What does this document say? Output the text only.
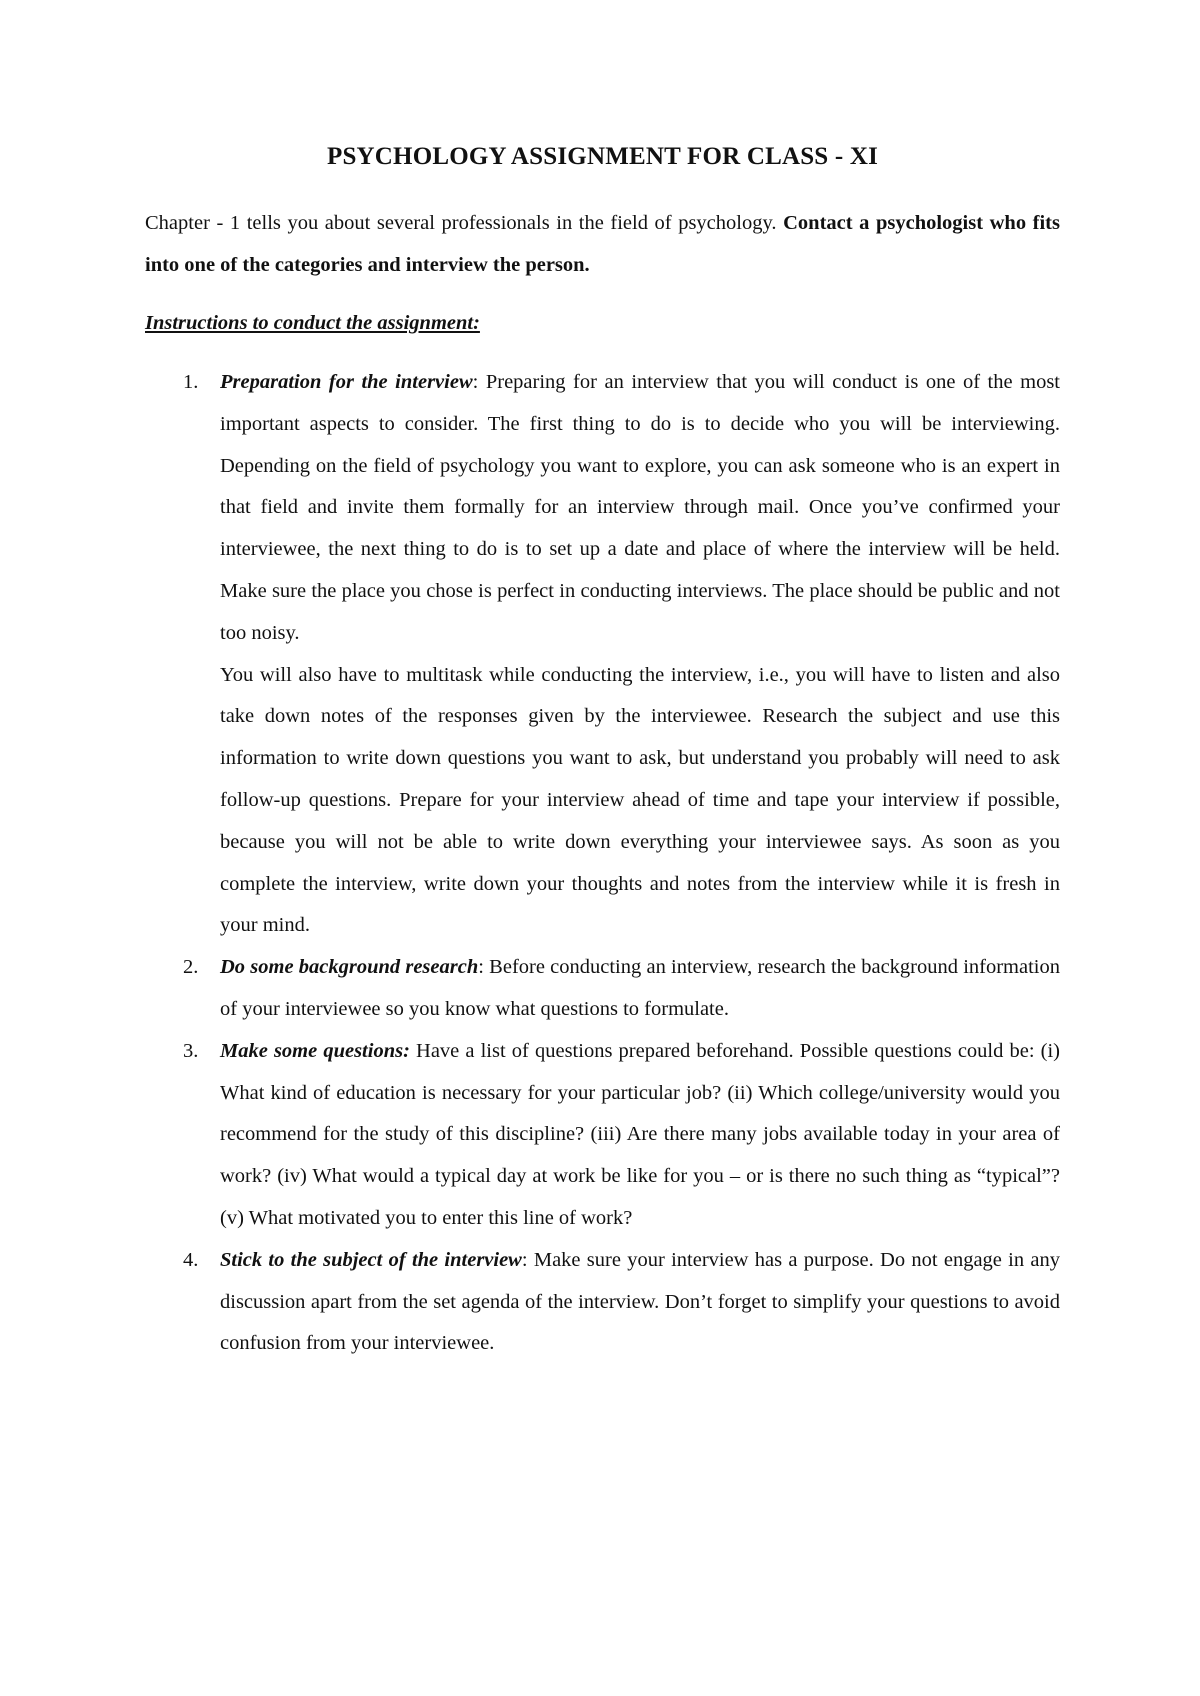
PSYCHOLOGY ASSIGNMENT FOR CLASS - XI

Chapter - 1 tells you about several professionals in the field of psychology. Contact a psychologist who fits into one of the categories and interview the person.

Instructions to conduct the assignment:
1. Preparation for the interview: Preparing for an interview that you will conduct is one of the most important aspects to consider. The first thing to do is to decide who you will be interviewing. Depending on the field of psychology you want to explore, you can ask someone who is an expert in that field and invite them formally for an interview through mail. Once you’ve confirmed your interviewee, the next thing to do is to set up a date and place of where the interview will be held. Make sure the place you chose is perfect in conducting interviews. The place should be public and not too noisy.

You will also have to multitask while conducting the interview, i.e., you will have to listen and also take down notes of the responses given by the interviewee. Research the subject and use this information to write down questions you want to ask, but understand you probably will need to ask follow-up questions. Prepare for your interview ahead of time and tape your interview if possible, because you will not be able to write down everything your interviewee says. As soon as you complete the interview, write down your thoughts and notes from the interview while it is fresh in your mind.

2. Do some background research: Before conducting an interview, research the background information of your interviewee so you know what questions to formulate.

3. Make some questions: Have a list of questions prepared beforehand. Possible questions could be: (i) What kind of education is necessary for your particular job? (ii) Which college/university would you recommend for the study of this discipline? (iii) Are there many jobs available today in your area of work? (iv) What would a typical day at work be like for you – or is there no such thing as “typical”? (v) What motivated you to enter this line of work?

4. Stick to the subject of the interview: Make sure your interview has a purpose. Do not engage in any discussion apart from the set agenda of the interview. Don’t forget to simplify your questions to avoid confusion from your interviewee.
